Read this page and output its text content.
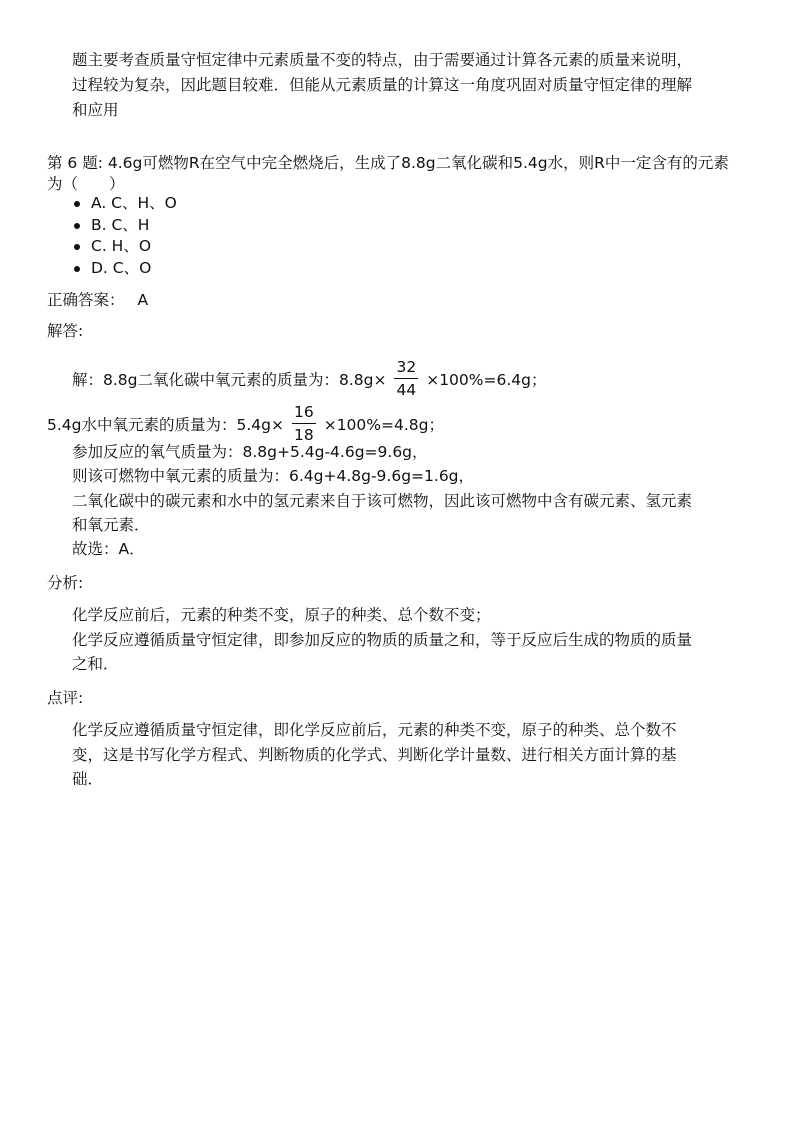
题主要考查质量守恒定律中元素质量不变的特点，由于需要通过计算各元素的质量来说明，
过程较为复杂，因此题目较难．但能从元素质量的计算这一角度巩固对质量守恒定律的理解
和应用
第 6 题: 4.6g可燃物R在空气中完全燃烧后，生成了8.8g二氧化碳和5.4g水，则R中一定含有的元素
为（　　）
A. C、H、O
B. C、H
C. H、O
D. C、O
正确答案： A
解答:
解：8.8g二氧化碳中氧元素的质量为：$8.8g\times \frac{32}{44} \times 100\%=6.4g$；
5.4g水中氧元素的质量为：$5.4g\times \frac{16}{18} \times 100\%=4.8g$；
参加反应的氧气质量为：8.8g+5.4g-4.6g=9.6g，
则该可燃物中氧元素的质量为：6.4g+4.8g-9.6g=1.6g，
二氧化碳中的碳元素和水中的氢元素来自于该可燃物，因此该可燃物中含有碳元素、氢元素
和氧元素．
故选：A．
分析:
化学反应前后，元素的种类不变，原子的种类、总个数不变；
化学反应遵循质量守恒定律，即参加反应的物质的质量之和，等于反应后生成的物质的质量
之和．
点评:
化学反应遵循质量守恒定律，即化学反应前后，元素的种类不变，原子的种类、总个数不
变，这是书写化学方程式、判断物质的化学式、判断化学计量数、进行相关方面计算的基
础．
